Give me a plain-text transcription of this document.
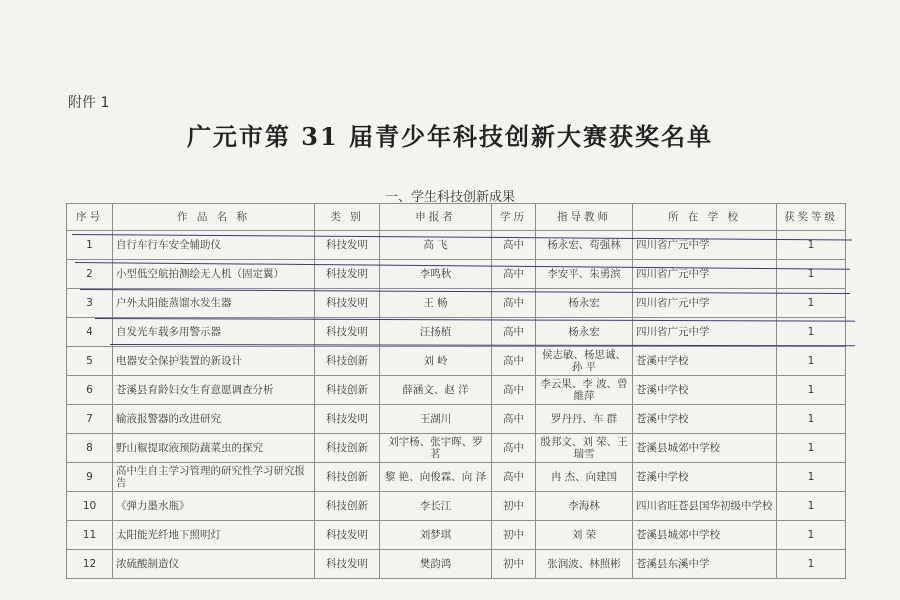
附件 1
广元市第 31 届青少年科技创新大赛获奖名单
一、学生科技创新成果
序号	作 品 名 称	类 别	申报者	学历	指导教师	所 在 学 校	获奖等级
1	自行车行车安全辅助仪	科技发明	高 飞	高中	杨永宏、苟强林	四川省广元中学	1
2	小型低空航拍测绘无人机（固定翼）	科技发明	李鸣秋	高中	李安平、朱勇滨	四川省广元中学	1
3	户外太阳能蒸馏水发生器	科技发明	王 畅	高中	杨永宏	四川省广元中学	1
4	自发光车载多用警示器	科技发明	汪扬植	高中	杨永宏	四川省广元中学	1
5	电器安全保护装置的新设计	科技创新	刘 岭	高中	侯志敏、杨思诚、孙 平	苍溪中学校	1
6	苍溪县育龄妇女生育意愿调查分析	科技创新	薛涵文、赵 洋	高中	李云果、李 波、曾維萍	苍溪中学校	1
7	输液报警器的改进研究	科技发明	王湖川	高中	罗丹丹、车 群	苍溪中学校	1
8	野山椒提取液预防蔬菜虫的探究	科技创新	刘宇杨、张宇晖、罗 茗	高中	殷邦文、刘 荣、王瑞雪	苍溪县城郊中学校	1
9	高中生自主学习管理的研究性学习研究报告	科技创新	黎 艳、向俊霖、向 泽	高中	冉 杰、向建国	苍溪中学校	1
10	《弹力墨水瓶》	科技创新	李长江	初中	李海林	四川省旺苍县国华初级中学校	1
11	太阳能光纤地下照明灯	科技发明	刘梦琪	初中	刘 荣	苍溪县城郊中学校	1
12	浓硫酸制造仪	科技发明	樊韵鸿	初中	张润波、林照彬	苍溪县东溪中学	1
